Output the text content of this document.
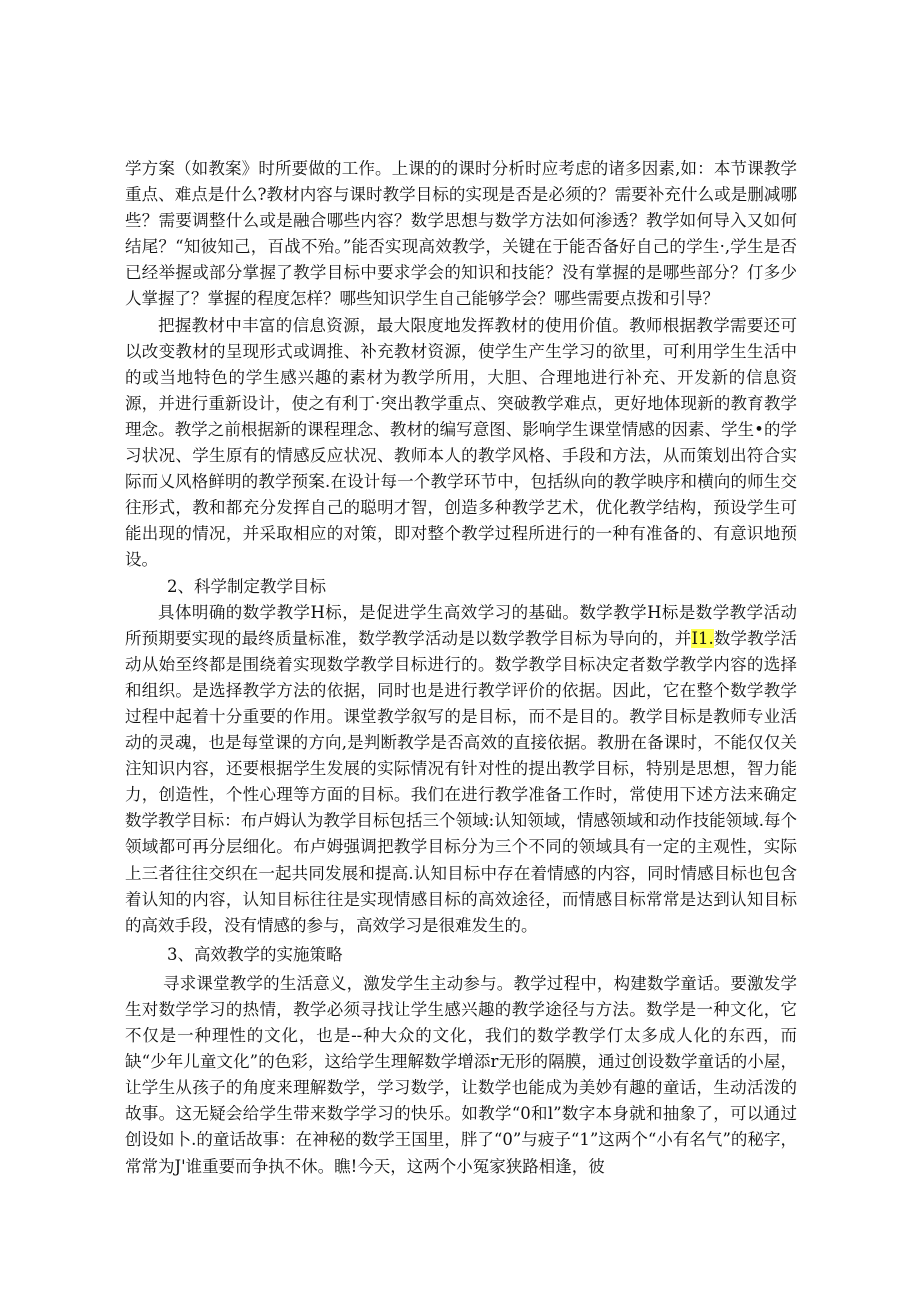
学方案（如教案》时所要做的工作。上课的的课时分析时应考虑的诸多因素,如：本节课教学重点、难点是什么?教材内容与课时教学目标的实现是否是必须的？需要补充什么或是删减哪些？需要调整什么或是融合哪些内容？数学思想与数学方法如何渗透？教学如何导入又如何结尾？“知彼知己，百战不殆。”能否实现高效教学，关键在于能否备好自己的学生·,学生是否已经举握或部分掌握了教学目标中要求学会的知识和技能？没有掌握的是哪些部分？仃多少人掌握了？掌握的程度怎样？哪些知识学生自己能够学会？哪些需要点拨和引导？

把握教材中丰富的信息资源，最大限度地发挥教材的使用价值。教师根据教学需要还可以改变教材的呈现形式或调推、补充教材资源，使学生产生学习的欲里，可利用学生生活中的或当地特色的学生感兴趣的素材为教学所用，大胆、合理地进行补充、开发新的信息资源，并进行重新设计，使之有利丁·突出教学重点、突破教学难点，更好地体现新的教育教学理念。教学之前根据新的课程理念、教材的编写意图、影响学生课堂情感的因素、学生•的学习状况、学生原有的情感反应状况、教师本人的教学风格、手段和方法，从而策划出符合实际而乂风格鲜明的教学预案.在设计每一个教学环节中，包括纵向的教学映序和横向的师生交往形式，教和都充分发挥自己的聪明才智，创造多种教学艺术，优化教学结构，预设学生可能出现的情况，并采取相应的对策，即对整个教学过程所进行的一种有准备的、有意识地预设。

2、科学制定教学目标

具体明确的数学教学H标，是促进学生高效学习的基础。数学教学H标是数学教学活动所预期要实现的最终质量标准，数学教学活动是以数学教学目标为导向的，并I1.数学教学活动从始至终都是围绕着实现数学教学目标进行的。数学教学目标决定者数学教学内容的选择和组织。是选择教学方法的依据，同时也是进行教学评价的依据。因此，它在整个数学教学过程中起着十分重要的作用。课堂教学叙写的是目标，而不是目的。教学目标是教师专业活动的灵魂，也是每堂课的方向,是判断教学是否高效的直接依据。教册在备课时，不能仅仅关注知识内容，还要根据学生发展的实际情况有针对性的提出教学目标，特别是思想，智力能力，创造性，个性心理等方面的目标。我们在进行教学准备工作时，常使用下述方法来确定数学教学目标：布卢姆认为教学目标包括三个领域:认知领域，情感领域和动作技能领域.每个领域都可再分层细化。布卢姆强调把教学目标分为三个不同的领域具有一定的主观性，实际上三者往往交织在一起共同发展和提高.认知目标中存在着情感的内容，同时情感目标也包含着认知的内容，认知目标往往是实现情感目标的高效途径，而情感目标常常是达到认知目标的高效手段，没有情感的参与，高效学习是很难发生的。

3、高效教学的实施策略

寻求课堂教学的生活意义，激发学生主动参与。教学过程中，构建数学童话。要激发学生对数学学习的热情，教学必须寻找让学生感兴趣的教学途径与方法。数学是一种文化，它不仅是一种理性的文化，也是--种大众的文化，我们的数学教学仃太多成人化的东西，而缺“少年儿童文化”的色彩，这给学生理解数学增添r无形的隔膜，通过创设数学童话的小屋，让学生从孩子的角度来理解数学，学习数学，让数学也能成为美妙有趣的童话，生动活泼的故事。这无疑会给学生带来数学学习的快乐。如教学“0和l”数字本身就和抽象了，可以通过创设如卜.的童话故事：在神秘的数学王国里，胖了“0”与疲子“1”这两个“小有名气”的秘字，常常为J'谁重要而争执不休。瞧!今天，这两个小冤家狭路相逢，彼
